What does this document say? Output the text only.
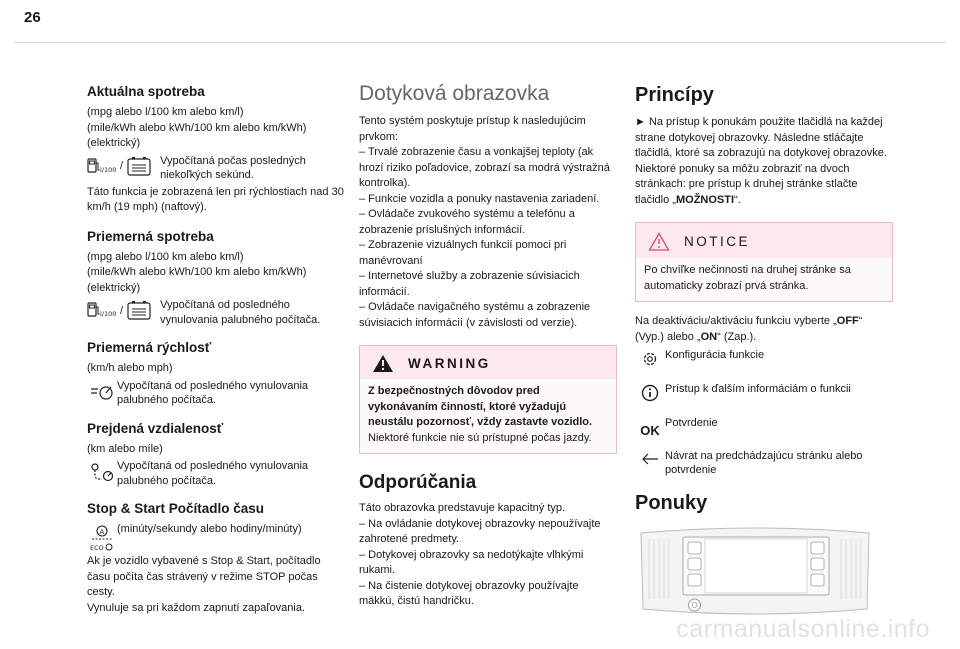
26
Aktuálna spotreba
(mpg alebo l/100 km alebo km/l)
(mile/kWh alebo kWh/100 km alebo km/kWh)
(elektrický)
l/100 /	Vypočítaná počas posledných niekoľkých sekúnd.
Táto funkcia je zobrazená len pri rýchlostiach nad 30 km/h (19 mph) (naftový).
Priemerná spotreba
(mpg alebo l/100 km alebo km/l)
(mile/kWh alebo kWh/100 km alebo km/kWh)
(elektrický)
l/100 /	Vypočítaná od posledného vynulovania palubného počítača.
Priemerná rýchlosť
(km/h alebo mph)
Vypočítaná od posledného vynulovania palubného počítača.
Prejdená vzdialenosť
(km alebo míle)
Vypočítaná od posledného vynulovania palubného počítača.
Stop & Start Počítadlo času
A
ECO
(minúty/sekundy alebo hodiny/minúty)
Ak je vozidlo vybavené s Stop & Start, počítadlo času počíta čas strávený v režime STOP počas cesty.
Vynuluje sa pri každom zapnutí zapaľovania.
Dotyková obrazovka
Tento systém poskytuje prístup k nasledujúcim prvkom:
– Trvalé zobrazenie času a vonkajšej teploty (ak hrozí riziko poľadovice, zobrazí sa modrá výstražná kontrolka).
– Funkcie vozidla a ponuky nastavenia zariadení.
– Ovládače zvukového systému a telefónu a zobrazenie príslušných informácií.
– Zobrazenie vizuálnych funkcií pomoci pri manévrovaní
– Internetové služby a zobrazenie súvisiacich informácií.
– Ovládače navigačného systému a zobrazenie súvisiacich informácií (v závislosti od verzie).
WARNING
Z bezpečnostných dôvodov pred vykonávaním činností, ktoré vyžadujú neustálu pozornosť, vždy zastavte vozidlo.
Niektoré funkcie nie sú prístupné počas jazdy.
Odporúčania
Táto obrazovka predstavuje kapacitný typ.
– Na ovládanie dotykovej obrazovky nepoužívajte zahrotené predmety.
– Dotykovej obrazovky sa nedotýkajte vlhkými rukami.
– Na čistenie dotykovej obrazovky používajte mäkkú, čistú handričku.
Princípy
► Na prístup k ponukám použite tlačidlá na každej strane dotykovej obrazovky. Následne stláčajte tlačidlá, ktoré sa zobrazujú na dotykovej obrazovke.
Niektoré ponuky sa môžu zobraziť na dvoch stránkach: pre prístup k druhej stránke stlačte tlačidlo „MOŽNOSTI“.
NOTICE
Po chvíľke nečinnosti na druhej stránke sa automaticky zobrazí prvá stránka.
Na deaktiváciu/aktiváciu funkciu vyberte „OFF“ (Vyp.) alebo „ON“ (Zap.).
Konfigurácia funkcie
Prístup k ďalším informáciám o funkcii
OK Potvrdenie
Návrat na predchádzajúcu stránku alebo potvrdenie
Ponuky
carmanualsonline.info
